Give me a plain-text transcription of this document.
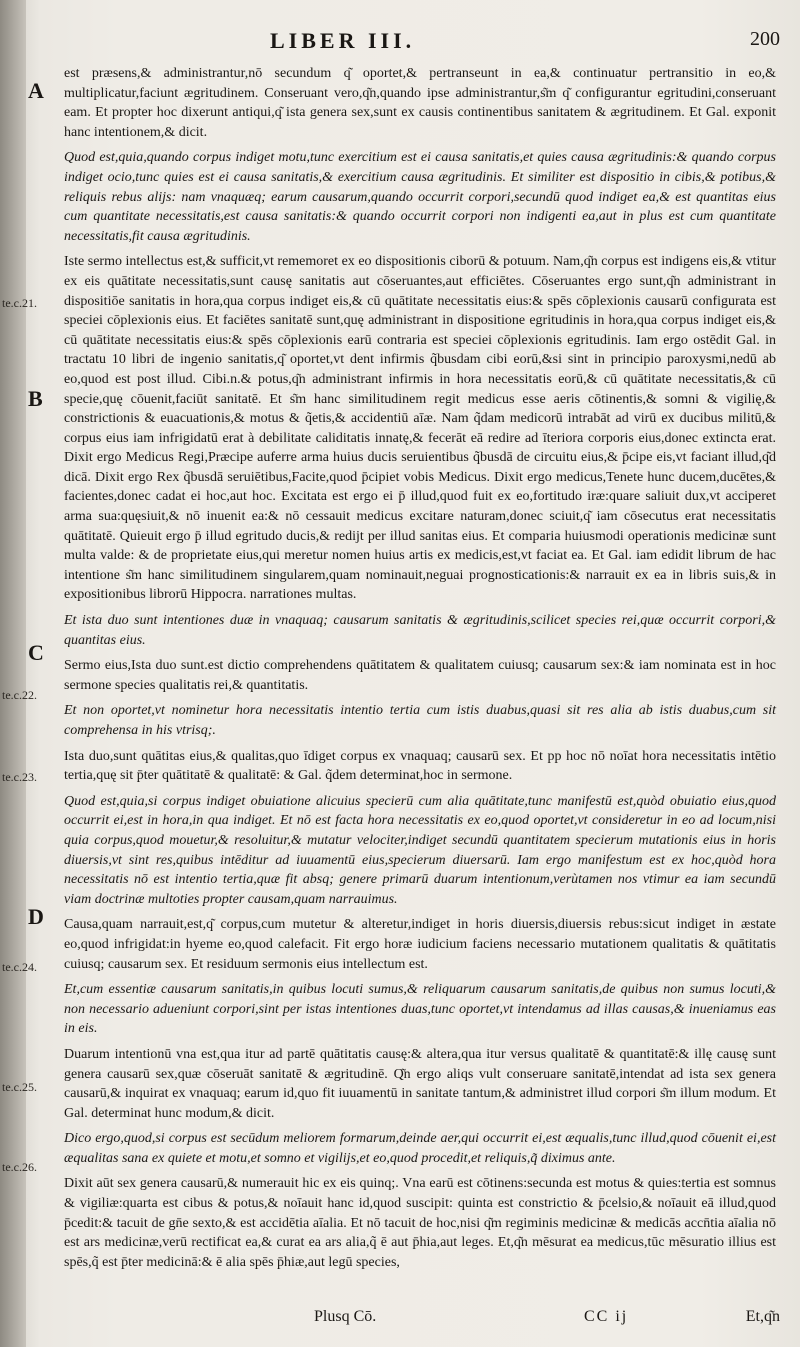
LIBER III.	200
A
B
C
D
te.c.21.
te.c.22.
te.c.23.
te.c.24.
te.c.25.
te.c.26.

est præsens,& administrantur,nō secundum q͂ oportet,& pertranseunt in ea,& continuatur pertransitio in eo,& multiplicatur,faciunt ægritudinem. Conseruant vero,q͂n,quando ipse administrantur,s͂m q͂ configurantur egritudini,conseruant eam. Et propter hoc dixerunt antiqui,q͂ ista genera sex,sunt ex causis continentibus sanitatem & ægritudinem. Et Gal. exponit hanc intentionem,& dicit.

Quod est,quia,quando corpus indiget motu,tunc exercitium est ei causa sanitatis,et quies causa ægritudinis:& quando corpus indiget ocio,tunc quies est ei causa sanitatis,& exercitium causa ægritudinis. Et similiter est dispositio in cibis,& potibus,& reliquis rebus alijs: nam vnaquæq; earum causarum,quando occurrit corpori,secundū quod indiget ea,& est quantitas eius cum quantitate necessitatis,est causa sanitatis:& quando occurrit corpori non indigenti ea,aut in plus est cum quantitate necessitatis,fit causa ægritudinis.

Iste sermo intellectus est,& sufficit,vt rememoret ex eo dispositionis ciborū & potuum. Nam,q͂n corpus est indigens eis,& vtitur ex eis quātitate necessitatis,sunt causę sanitatis aut cōseruantes,aut efficiētes. Cōseruantes ergo sunt,q͂n administrant in dispositiōe sanitatis in hora,qua corpus indiget eis,& cū quātitate necessitatis eius:& spēs cōplexionis causarū configurata est speciei cōplexionis eius. Et faciētes sanitatē sunt,quę administrant in dispositione egritudinis in hora,qua corpus indiget eis,& cū quātitate necessitatis eius:& spēs cōplexionis earū contraria est speciei cōplexionis egritudinis. Iam ergo ostēdit Gal. in tractatu 10 libri de ingenio sanitatis,q͂ oportet,vt dent infirmis q̃busdam cibi eorū,&si sint in principio paroxysmi,nedū ab eo,quod est post illud. Cibi.n.& potus,q͂n administrant infirmis in hora necessitatis eorū,& cū quātitate necessitatis,& cū specie,quę cōuenit,faciūt sanitatē. Et s͂m hanc similitudinem regit medicus esse aeris cōtinentis,& somni & vigilię,& constrictionis & euacuationis,& motus & q̃etis,& accidentiū aīæ. Nam q̃dam medicorū intrabāt ad virū ex ducibus militū,& corpus eius iam infrigidatū erat à debilitate caliditatis innatę,& fecerāt eā redire ad īteriora corporis eius,donec extincta erat. Dixit ergo Medicus Regi,Præcipe auferre arma huius ducis seruientibus q̃busdā de circuitu eius,& p̄cipe eis,vt faciant illud,q͂d dicā. Dixit ergo Rex q̃busdā seruiētibus,Facite,quod p̄cipiet vobis Medicus. Dixit ergo medicus,Tenete hunc ducem,ducētes,& facientes,donec cadat ei hoc,aut hoc. Excitata est ergo ei p̄ illud,quod fuit ex eo,fortitudo iræ:quare saliuit dux,vt acciperet arma sua:quęsiuit,& nō inuenit ea:& nō cessauit medicus excitare naturam,donec sciuit,q͂ iam cōsecutus erat necessitatis quātitatē. Quieuit ergo p̄ illud egritudo ducis,& redijt per illud sanitas eius. Et comparia huiusmodi operationis medicinæ sunt multa valde: & de proprietate eius,qui meretur nomen huius artis ex medicis,est,vt faciat ea. Et Gal. iam edidit librum de hac intentione s͂m hanc similitudinem singularem,quam nominauit,neguai prognosticationis:& narrauit ex ea in libris suis,& in expositionibus librorū Hippocra. narrationes multas.

Et ista duo sunt intentiones duæ in vnaquaq; causarum sanitatis & ægritudinis,scilicet species rei,quæ occurrit corpori,& quantitas eius.

Sermo eius,Ista duo sunt.est dictio comprehendens quātitatem & qualitatem cuiusq; causarum sex:& iam nominata est in hoc sermone species qualitatis rei,& quantitatis.

Et non oportet,vt nominetur hora necessitatis intentio tertia cum istis duabus,quasi sit res alia ab istis duabus,cum sit comprehensa in his vtrisq;.

Ista duo,sunt quātitas eius,& qualitas,quo īdiget corpus ex vnaquaq; causarū sex. Et pp hoc nō noīat hora necessitatis intētio tertia,quę sit p̄ter quātitatē & qualitatē: & Gal. q̃dem determinat,hoc in sermone.

Quod est,quia,si corpus indiget obuiatione alicuius specierū cum alia quātitate,tunc manifestū est,quòd obuiatio eius,quod occurrit ei,est in hora,in qua indiget. Et nō est facta hora necessitatis ex eo,quod oportet,vt consideretur in eo ad locum,nisi quia corpus,quod mouetur,& resoluitur,& mutatur velociter,indiget secundū quantitatem specierum mutationis eius in horis diuersis,vt sint res,quibus intēditur ad iuuamentū eius,specierum diuersarū. Iam ergo manifestum est ex hoc,quòd hora necessitatis nō est intentio tertia,quæ fit absq; genere primarū duarum intentionum,verùtamen nos vtimur ea iam secundū viam doctrinæ multoties propter causam,quam narrauimus.

Causa,quam narrauit,est,q͂ corpus,cum mutetur & alteretur,indiget in horis diuersis,diuersis rebus:sicut indiget in æstate eo,quod infrigidat:in hyeme eo,quod calefacit. Fit ergo horæ iudicium faciens necessario mutationem qualitatis & quātitatis cuiusq; causarum sex. Et residuum sermonis eius intellectum est.

Et,cum essentiæ causarum sanitatis,in quibus locuti sumus,& reliquarum causarum sanitatis,de quibus non sumus locuti,& non necessario adueniunt corpori,sint per istas intentiones duas,tunc oportet,vt intendamus ad illas causas,& inueniamus eas in eis.

Duarum intentionū vna est,qua itur ad partē quātitatis causę:& altera,qua itur versus qualitatē & quantitatē:& illę causę sunt genera causarū sex,quæ cōseruāt sanitatē & ægritudinē. Q͂n ergo aliqs vult conseruare sanitatē,intendat ad ista sex genera causarū,& inquirat ex vnaquaq; earum id,quo fit iuuamentū in sanitate tantum,& administret illud corpori s͂m illum modum. Et Gal. determinat hunc modum,& dicit.

Dico ergo,quod,si corpus est secūdum meliorem formarum,deinde aer,qui occurrit ei,est æqualis,tunc illud,quod cōuenit ei,est æqualitas sana ex quiete et motu,et somno et vigilijs,et eo,quod procedit,et reliquis,q̃ diximus ante.

Dixit aūt sex genera causarū,& numerauit hic ex eis quinq;. Vna earū est cōtinens:secunda est motus & quies:tertia est somnus & vigiliæ:quarta est cibus & potus,& noīauit hanc id,quod suscipit: quinta est constrictio & p̄celsio,& noīauit eā illud,quod p̄cedit:& tacuit de gn̄e sexto,& est accidētia aīalia. Et nō tacuit de hoc,nisi q͂m regiminis medicinæ & medicās accn̄tia aīalia nō est ars medicinæ,verū rectificat ea,& curat ea ars alia,q̃ ē aut p̄hia,aut leges. Et,q͂n mēsurat ea medicus,tūc mēsuratio illius est spēs,q̃ est p̄ter medicinā:& ē alia spēs p̄hiæ,aut legū species,

Plusq Cō.	CC ij	Et,q͂n
